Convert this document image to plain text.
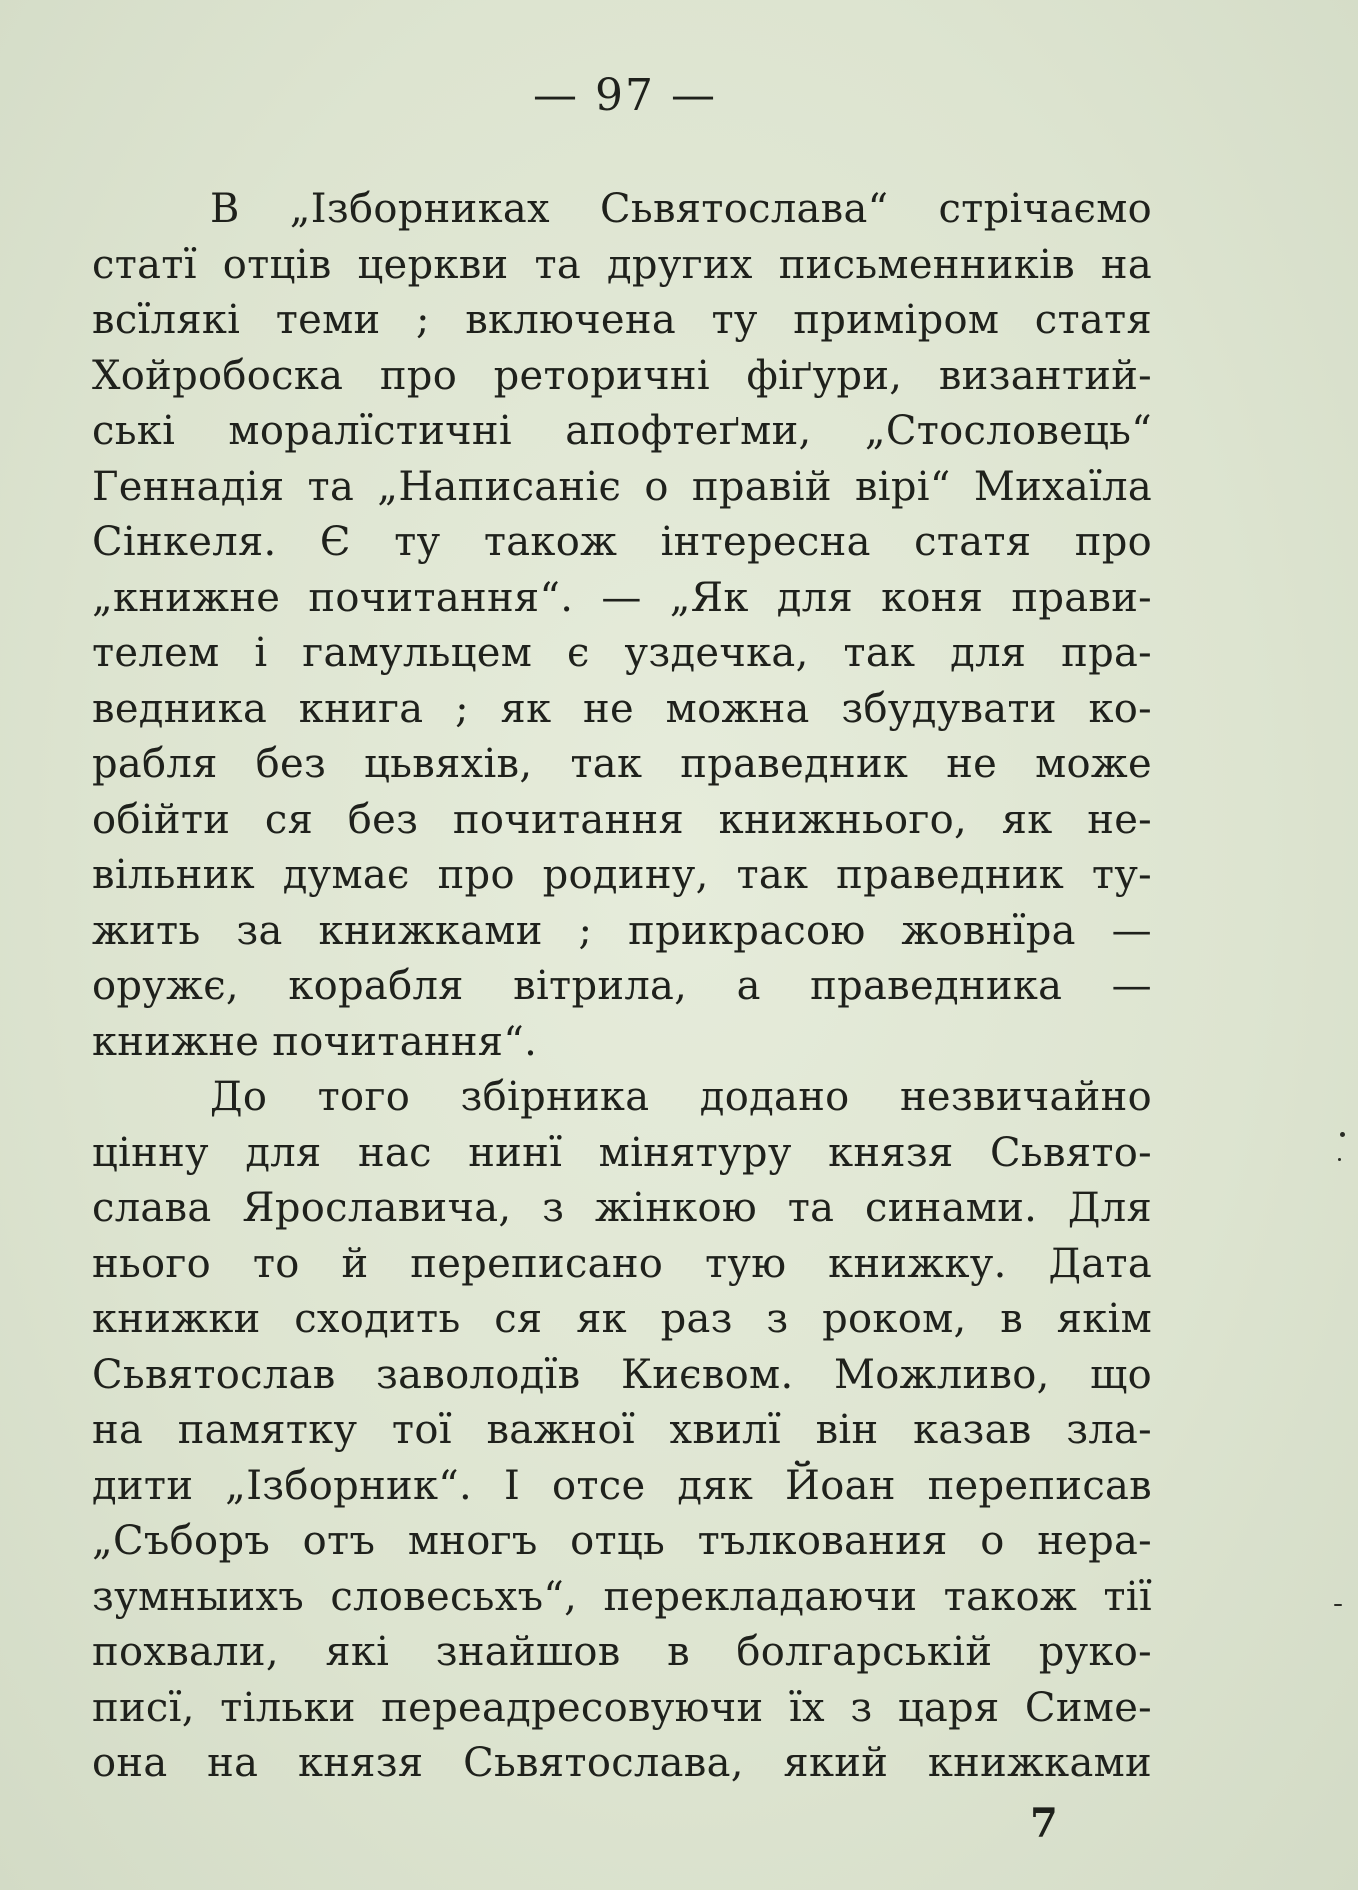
— 97 —
В „Ізборниках Сьвятослава“ стрічаємо
статї отців церкви та других письменників на
всїлякі теми ; включена ту приміром статя
Хойробоска про реторичні фіґури, византий-
ські моралїстичні апофтеґми, „Стословець“
Геннадія та „Написаніє о правій вірі“ Михаїла
Сінкеля. Є ту також інтересна статя про
„книжне почитання“. — „Як для коня прави-
телем і гамульцем є уздечка, так для пра-
ведника книга ; як не можна збудувати ко-
рабля без цьвяхів, так праведник не може
обійти ся без почитання книжнього, як не-
вільник думає про родину, так праведник ту-
жить за книжками ; прикрасою жовнїра —
оружє, корабля вітрила, а праведника —
книжне почитання“.
До того збірника додано незвичайно
цінну для нас нинї мінятуру князя Сьвято-
слава Ярославича, з жінкою та синами. Для
нього то й переписано тую книжку. Дата
книжки сходить ся як раз з роком, в якім
Сьвятослав заволодїв Києвом. Можливо, що
на памятку тої важної хвилї він казав зла-
дити „Ізборник“. І отсе дяк Йоан переписав
„Съборъ отъ многъ отць тълкования о нера-
зумныихъ словесьхъ“, перекладаючи також тії
похвали, які знайшов в болгарській руко-
писї, тільки переадресовуючи їх з царя Симе-
она на князя Сьвятослава, який книжками
7
